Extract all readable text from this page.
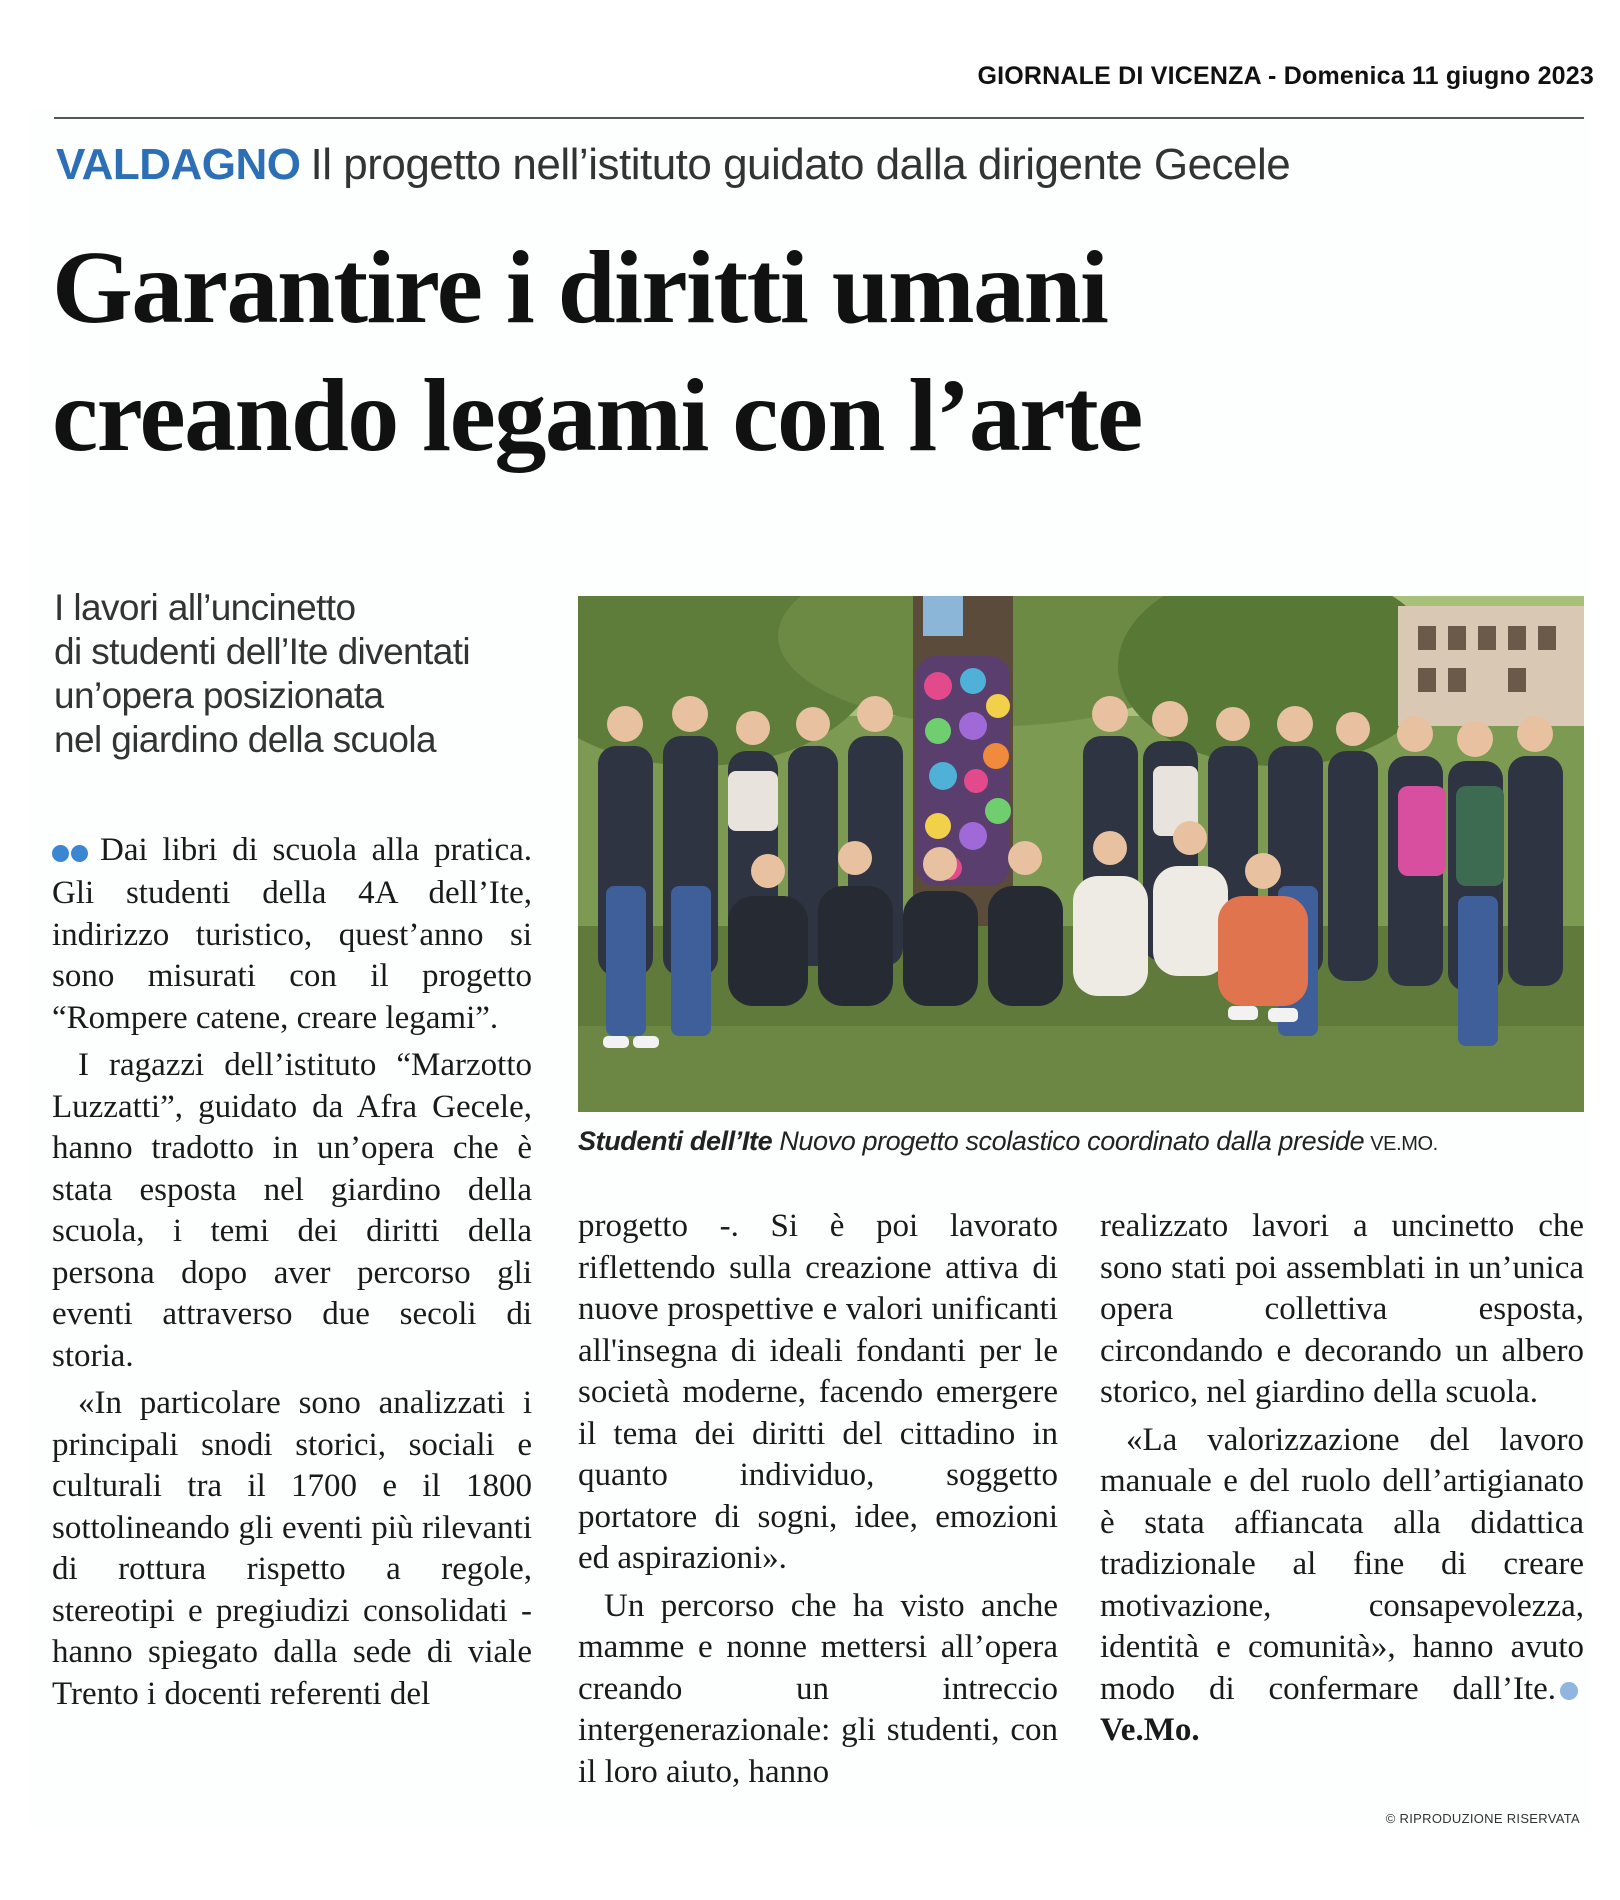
GIORNALE DI VICENZA - Domenica 11 giugno 2023
VALDAGNO Il progetto nell’istituto guidato dalla dirigente Gecele
Garantire i diritti umani
creando legami con l’arte
I lavori all’uncinetto
di studenti dell’Ite diventati
un’opera posizionata
nel giardino della scuola
Studenti dell’Ite Nuovo progetto scolastico coordinato dalla preside VE.MO.

Dai libri di scuola alla pratica. Gli studenti della 4A dell’Ite, indirizzo turistico, quest’anno si sono misurati con il progetto “Rompere catene, creare legami”.

I ragazzi dell’istituto “Marzotto Luzzatti”, guidato da Afra Gecele, hanno tradotto in un’opera che è stata esposta nel giardino della scuola, i temi dei diritti della persona dopo aver percorso gli eventi attraverso due secoli di storia.

«In particolare sono analizzati i principali snodi storici, sociali e culturali tra il 1700 e il 1800 sottolineando gli eventi più rilevanti di rottura rispetto a regole, stereotipi e pregiudizi consolidati - hanno spiegato dalla sede di viale Trento i docenti referenti del

progetto -. Si è poi lavorato riflettendo sulla creazione attiva di nuove prospettive e valori unificanti all'insegna di ideali fondanti per le società moderne, facendo emergere il tema dei diritti del cittadino in quanto individuo, soggetto portatore di sogni, idee, emozioni ed aspirazioni».

Un percorso che ha visto anche mamme e nonne mettersi all’opera creando un intreccio intergenerazionale: gli studenti, con il loro aiuto, hanno

realizzato lavori a uncinetto che sono stati poi assemblati in un’unica opera collettiva esposta, circondando e decorando un albero storico, nel giardino della scuola.

«La valorizzazione del lavoro manuale e del ruolo dell’artigianato è stata affiancata alla didattica tradizionale al fine di creare motivazione, consapevolezza, identità e comunità», hanno avuto modo di confermare dall’Ite.Ve.Mo.

© RIPRODUZIONE RISERVATA
